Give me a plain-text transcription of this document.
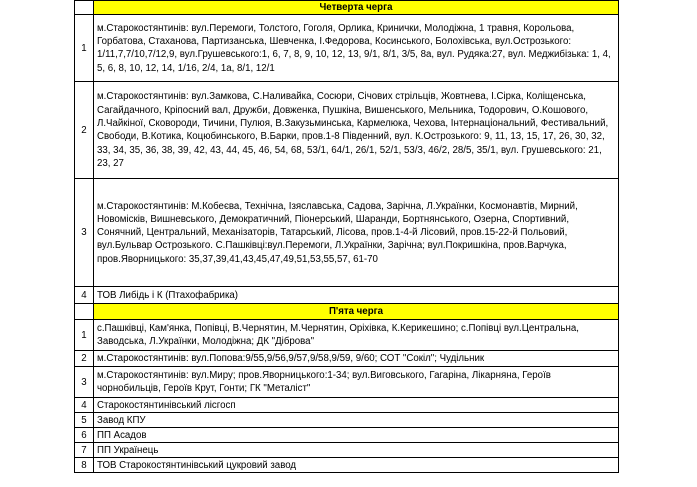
	Четверта черга
1	м.Старокостянтинів: вул.Перемоги, Толстого, Гоголя, Орлика, Кринички, Молодіжна, 1 травня, Корольова, Горбатова, Стаханова, Партизанська, Шевченка, І.Федорова, Косинського, Болохівська, вул.Острозького: 1/11,7,7/10,7/12,9, вул.Грушевського:1, 6, 7, 8, 9, 10, 12, 13, 9/1, 8/1, 3/5, 8а, вул. Рудяка:27, вул. Меджибізька: 1, 4, 5, 6, 8, 10, 12, 14, 1/16, 2/4, 1а, 8/1, 12/1
2	м.Старокостянтинів: вул.Замкова, С.Наливайка, Сосюри, Січових стрільців, Жовтнева, І.Сірка, Коліщенська, Сагайдачного, Кріпосний вал, Дружби, Довженка, Пушкіна, Вишенського, Мельника, Тодорович, О.Кошового, Л.Чайкіної, Сковороди, Тичини, Пулюя, В.Закузьминська, Кармелюка, Чехова, Інтернаціональний, Фестивальний, Свободи, В.Котика, Коцюбинського, В.Барки, пров.1-8 Південний, вул. К.Острозького: 9, 11, 13, 15, 17, 26, 30, 32, 33, 34, 35, 36, 38, 39, 42, 43, 44, 45, 46, 54, 68, 53/1, 64/1, 26/1, 52/1, 53/3, 46/2, 28/5, 35/1, вул. Грушевського: 21, 23, 27
3	м.Старокостянтинів: М.Кобеєва, Технічна, Ізяславська, Садова, Зарічна, Л.Українки, Космонавтів, Мирний, Новомісків, Вишневського, Демократичний, Піонерський, Шаранди, Бортнянського, Озерна, Спортивний, Сонячний, Центральний, Механізаторів, Татарський, Лісова, пров.1-4-й Лісовий, пров.15-22-й Польовий, вул.Бульвар Острозького. С.Пашківці:вул.Перемоги, Л.Українки, Зарічна; вул.Покришкіна, пров.Варчука, пров.Яворницького: 35,37,39,41,43,45,47,49,51,53,55,57, 61-70
4	ТОВ Либідь і К (Птахофабрика)
	П'ята черга
1	с.Пашківці, Кам'янка, Попівці, В.Чернятин, М.Чернятин, Оріхівка, К.Керикешино; с.Попівці вул.Центральна, Заводська, Л.Українки, Молодіжна; ДК "Діброва"
2	м.Старокостянтинів: вул.Попова:9/55,9/56,9/57,9/58,9/59, 9/60; СОТ "Сокіл"; Чудільник
3	м.Старокостянтинів: вул.Миру; пров.Яворницького:1-34; вул.Виговського, Гагаріна, Лікарняна, Героїв чорнобильців, Героїв Крут, Гонти; ГК "Металіст"
4	Старокостянтинівський лісгосп
5	Завод КПУ
6	ПП Асадов
7	ПП Українець
8	ТОВ Старокостянтинівський цукровий завод
